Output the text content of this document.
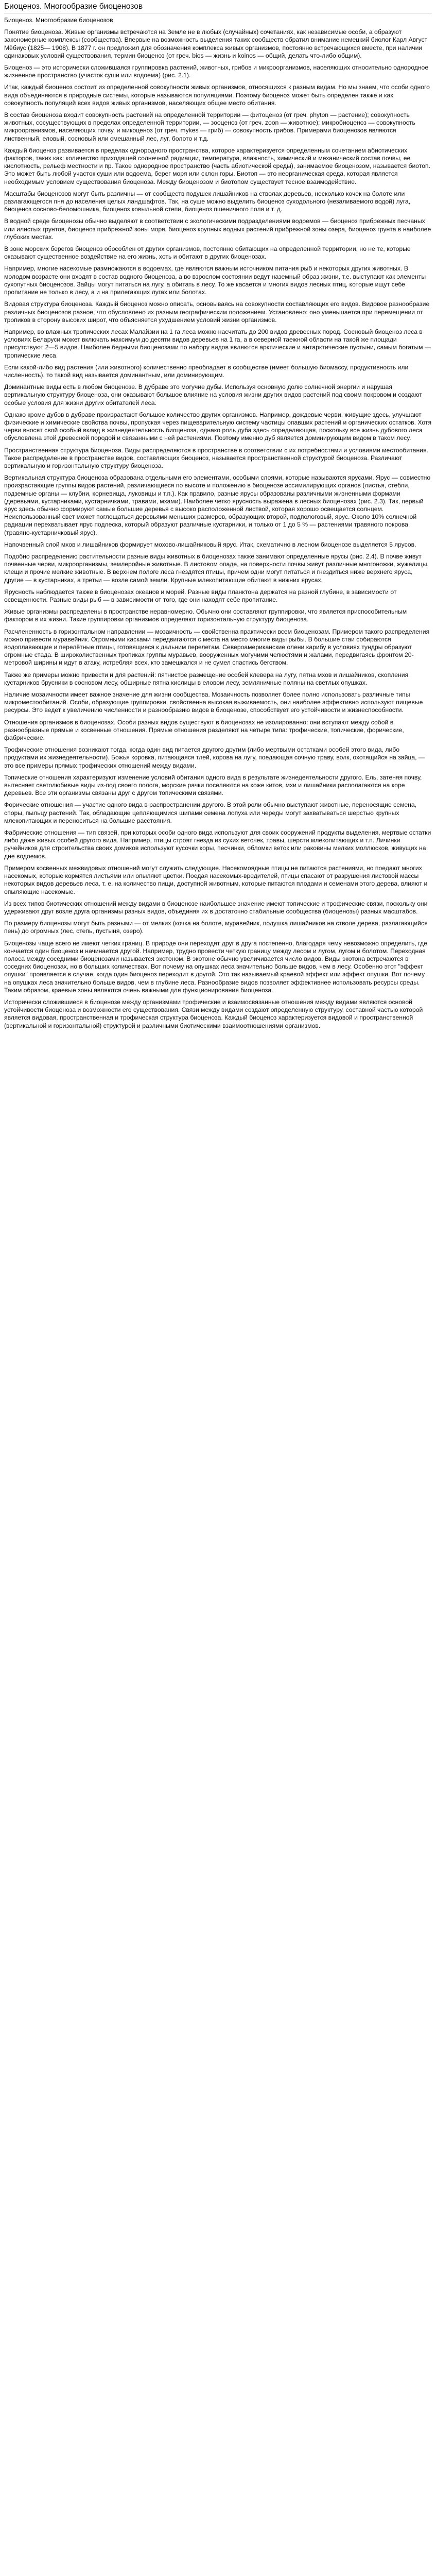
Биоценоз. Многообразие биоценозов

Биоценоз. Многообразие биоценозов

Понятие биоценоза. Живые организмы встречаются на Земле не в любых (случайных) сочетаниях, как независимые особи, а образуют закономерные комплексы (сообщества). Впервые на возможность выделения таких сообществ обратил внимание немецкий биолог Карл Август Мёбиус (1825— 1908). В 1877 г. он предложил для обозначения комплекса живых организмов, постоянно встречающихся вместе, при наличии одинаковых условий существования, термин биоценоз (от греч. bios — жизнь и koinos — общий, делать что-либо общим).

Биоценоз — это исторически сложившаяся группировка растений, животных, грибов и микроорганизмов, населяющих относительно однородное жизненное пространство (участок суши или водоема) (рис. 2.1).

Итак, каждый биоценоз состоит из определенной совокупности живых организмов, относящихся к разным видам. Но мы знаем, что особи одного вида объединяются в природные системы, которые называются популяциями. Поэтому биоценоз может быть определен также и как совокупность популяций всех видов живых организмов, населяющих общее место обитания.

В состав биоценоза входит совокупность растений на определенной территории — фитоценоз (от греч. phyton — растение); совокупность животных, сосуществующих в пределах определенной территории, — зооценоз (от греч. zoon — животное); микробиоценоз — совокупность микроорганизмов, населяющих почву, и микоценоз (от греч. mykes — гриб) — совокупность грибов. Примерами биоценозов являются лиственный, еловый, сосновый или смешанный лес, луг, болото и т.д.

Каждый биоценоз развивается в пределах однородного пространства, которое характеризуется определенным сочетанием абиотических факторов, таких как: количество приходящей солнечной радиации, температура, влажность, химический и механический состав почвы, ее кислотность, рельеф местности и пр. Такое однородное пространство (часть абиотической среды), занимаемое биоценозом, называется биотоп. Это может быть любой участок суши или водоема, берег моря или склон горы. Биотоп — это неорганическая среда, которая является необходимым условием существования биоценоза. Между биоценозом и биотопом существует тесное взаимодействие.

Масштабы биоценозов могут быть различны — от сообществ подушек лишайников на стволах деревьев, несколько кочек на болоте или разлагающегося пня до населения целых ландшафтов. Так, на суше можно выделить биоценоз суходольного (незаливаемого водой) луга, биоценоз сосново-беломошника, биоценоз ковыльной степи, биоценоз пшеничного поля и т. д.

В водной среде биоценозы обычно выделяют в соответствии с экологическими подразделениями водоемов — биоценоз прибрежных песчаных или илистых грунтов, биоценоз прибрежной зоны моря, биоценоз крупных водных растений прибрежной зоны озера, биоценоз грунта в наиболее глубоких местах.

В зоне морских берегов биоценоз обособлен от других организмов, постоянно обитающих на определенной территории, но не те, которые оказывают существенное воздействие на его жизнь, хоть и обитают в других биоценозах.

Например, многие насекомые размножаются в водоемах, где являются важным источником питания рыб и некоторых других животных. В молодом возрасте они входят в состав водного биоценоза, а во взрослом состоянии ведут наземный образ жизни, т.е. выступают как элементы сухопутных биоценозов. Зайцы могут питаться на лугу, а обитать в лесу. То же касается и многих видов лесных птиц, которые ищут себе пропитание не только в лесу, а и на прилегающих лугах или болотах.

Видовая структура биоценоза. Каждый биоценоз можно описать, основываясь на совокупности составляющих его видов. Видовое разнообразие различных биоценозов разное, что обусловлено их разным географическим положением. Установлено: оно уменьшается при перемещении от тропиков в сторону высоких широт, что объясняется ухудшением условий жизни организмов.

Например, во влажных тропических лесах Малайзии на 1 га леса можно насчитать до 200 видов древесных пород. Сосновый биоценоз леса в условиях Беларуси может включать максимум до десяти видов деревьев на 1 га, а в северной таежной области на такой же площади присутствуют 2—5 видов. Наиболее бедными биоценозами по набору видов являются арктические и антарктические пустыни, самым богатым — тропические леса.

Если какой-либо вид растения (или животного) количественно преобладает в сообществе (имеет большую биомассу, продуктивность или численность), то такой вид называется доминантным, или доминирующим.

Доминантные виды есть в любом биоценозе. В дубраве это могучие дубы. Используя основную долю солнечной энергии и нарушая вертикальную структуру биоценоза, они оказывают большое влияние на условия жизни других видов растений под своим покровом и создают особые условия для жизни других обитателей леса.

Однако кроме дубов в дубраве произрастают большое количество других организмов. Например, дождевые черви, живущие здесь, улучшают физические и химические свойства почвы, пропуская через пищеварительную систему частицы опавших растений и органических остатков. Хотя черви вносят свой особый вклад в жизнедеятельность биоценоза, однако роль дуба здесь определяющая, поскольку все жизнь дубового леса обусловлена этой древесной породой и связанными с ней растениями. Поэтому именно дуб является доминирующим видом в таком лесу.

Пространственная структура биоценоза. Виды распределяются в пространстве в соответствии с их потребностями и условиями местообитания. Такое распределение в пространстве видов, составляющих биоценоз, называется пространственной структурой биоценоза. Различают вертикальную и горизонтальную структуру биоценоза.

Вертикальная структура биоценоза образована отдельными его элементами, особыми слоями, которые называются ярусами. Ярус — совместно произрастающие группы видов растений, различающиеся по высоте и положению в биоценозе ассимилирующих органов (листья, стебли, подземные органы — клубни, корневища, луковицы и т.п.). Как правило, разные ярусы образованы различными жизненными формами (деревьями, кустарниками, кустарничками, травами, мхами). Наиболее четко ярусность выражена в лесных биоценозах (рис. 2.3). Так, первый ярус здесь обычно формируют самые большие деревья с высоко расположенной листвой, которая хорошо освещается солнцем. Неиспользованный свет может поглощаться деревьями меньших размеров, образующих второй, подпологовый, ярус. Около 10% солнечной радиации перехватывает ярус подлеска, который образуют различные кустарники, и только от 1 до 5 % — растениями травяного покрова (травяно-кустарничковый ярус).

Напочвенный слой мхов и лишайников формирует мохово-лишайниковый ярус. Итак, схематично в лесном биоценозе выделяется 5 ярусов.

Подобно распределению растительности разные виды животных в биоценозах также занимают определенные ярусы (рис. 2.4). В почве живут почвенные черви, микроорганизмы, землеройные животные. В листовом опаде, на поверхности почвы живут различные многоножки, жужелицы, клещи и прочие мелкие животные. В верхнем пологе леса гнездятся птицы, причем одни могут питаться и гнездиться ниже верхнего яруса, другие — в кустарниках, а третьи — возле самой земли. Крупные млекопитающие обитают в нижних ярусах.

Ярусность наблюдается также в биоценозах океанов и морей. Разные виды планктона держатся на разной глубине, в зависимости от освещенности. Разные виды рыб — в зависимости от того, где они находят себе пропитание.

Живые организмы распределены в пространстве неравномерно. Обычно они составляют группировки, что является приспособительным фактором в их жизни. Такие группировки организмов определяют горизонтальную структуру биоценоза.

Расчлененность в горизонтальном направлении — мозаичность — свойственна практически всем биоценозам. Примером такого распределения можно привести муравейник. Огромными касками передвигаются с места на место многие виды рыбы. В большие стаи собираются водоплавающие и перелётные птицы, готовящиеся к дальним перелетам. Североамериканские олени карибу в условиях тундры образуют огромные стада. В широколиственных тропиках группы муравьев, вооруженных могучими челюстями и жалами, передвигаясь фронтом 20-метровой ширины и идут в атаку, истребляя всех, кто замешкался и не сумел спастись бегством.

Также же примеры можно привести и для растений: пятнистое размещение особей клевера на лугу, пятна мхов и лишайников, скопления кустарников брусники в сосновом лесу, обширные пятна кислицы в еловом лесу, земляничные поляны на светлых опушках.

Наличие мозаичности имеет важное значение для жизни сообщества. Мозаичность позволяет более полно использовать различные типы микроместообитаний. Особи, образующие группировки, свойственна высокая выживаемость, они наиболее эффективно используют пищевые ресурсы. Это ведет к увеличению численности и разнообразию видов в биоценозе, способствует его устойчивости и жизнеспособности.

Отношения организмов в биоценозах. Особи разных видов существуют в биоценозах не изолированно: они вступают между собой в разнообразные прямые и косвенные отношения. Прямые отношения разделяют на четыре типа: трофические, топические, форические, фабрические.

Трофические отношения возникают тогда, когда один вид питается другого другим (либо мертвыми остатками особей этого вида, либо продуктами их жизнедеятельности). Божья коровка, питающаяся тлей, корова на лугу, поедающая сочную траву, волк, охотящийся на зайца, — это все примеры прямых трофических отношений между видами.

Топические отношения характеризуют изменение условий обитания одного вида в результате жизнедеятельности другого. Ель, затеняя почву, вытесняет светолюбивые виды из-под своего полога, морские рачки поселяются на коже китов, мхи и лишайники располагаются на коре деревьев. Все эти организмы связаны друг с другом топическими связями.

Форические отношения — участие одного вида в распространении другого. В этой роли обычно выступают животные, переносящие семена, споры, пыльцу растений. Так, обладающие цепляющимися шипами семена лопуха или череды могут захватываться шерстью крупных млекопитающих и переноситься на большие расстояния.

Фабрические отношения — тип связей, при которых особи одного вида используют для своих сооружений продукты выделения, мертвые остатки либо даже живых особей другого вида. Например, птицы строят гнезда из сухих веточек, травы, шерсти млекопитающих и т.п. Личинки ручейников для строительства своих домиков используют кусочки коры, песчинки, обломки веток или раковины мелких моллюсков, живущих на дне водоемов.

Примером косвенных межвидовых отношений могут служить следующие. Насекомоядные птицы не питаются растениями, но поедают многих насекомых, которые кормятся листьями или опыляют цветки. Поедая насекомых-вредителей, птицы спасают от разрушения листовой массы некоторых видов деревьев леса, т. е. на количество пищи, доступной животным, которые питаются плодами и семенами этого дерева, влияют и опыляющие насекомые.

Из всех типов биотических отношений между видами в биоценозе наибольшее значение имеют топические и трофические связи, поскольку они удерживают друг возле друга организмы разных видов, объединяя их в достаточно стабильные сообщества (биоценозы) разных масштабов.

По размеру биоценозы могут быть разными — от мелких (кочка на болоте, муравейник, подушка лишайников на стволе дерева, разлагающийся пень) до огромных (лес, степь, пустыня, озеро).

Биоценозы чаще всего не имеют четких границ. В природе они переходят друг в друга постепенно, благодаря чему невозможно определить, где кончается один биоценоз и начинается другой. Например, трудно провести четкую границу между лесом и лугом, лугом и болотом. Переходная полоса между соседними биоценозами называется экотоном. В экотоне обычно увеличивается число видов. Виды экотона встречаются в соседних биоценозах, но в больших количествах. Вот почему на опушках леса значительно больше видов, чем в лесу. Особенно этот "эффект опушки" проявляется в случае, когда один биоценоз переходит в другой. Это так называемый краевой эффект или эффект опушки. Вот почему на опушках леса значительно больше видов, чем в глубине леса. Разнообразие видов позволяет эффективнее использовать ресурсы среды. Таким образом, краевые зоны являются очень важными для функционирования биоценоза.

Исторически сложившиеся в биоценозе между организмами трофические и взаимосвязанные отношения между видами являются основой устойчивости биоценоза и возможности его существования. Связи между видами создают определенную структуру, составной частью которой является видовая, пространственная и трофическая структура биоценоза. Каждый биоценоз характеризуется видовой и пространственной (вертикальной и горизонтальной) структурой и различными биотическими взаимоотношениями организмов.
